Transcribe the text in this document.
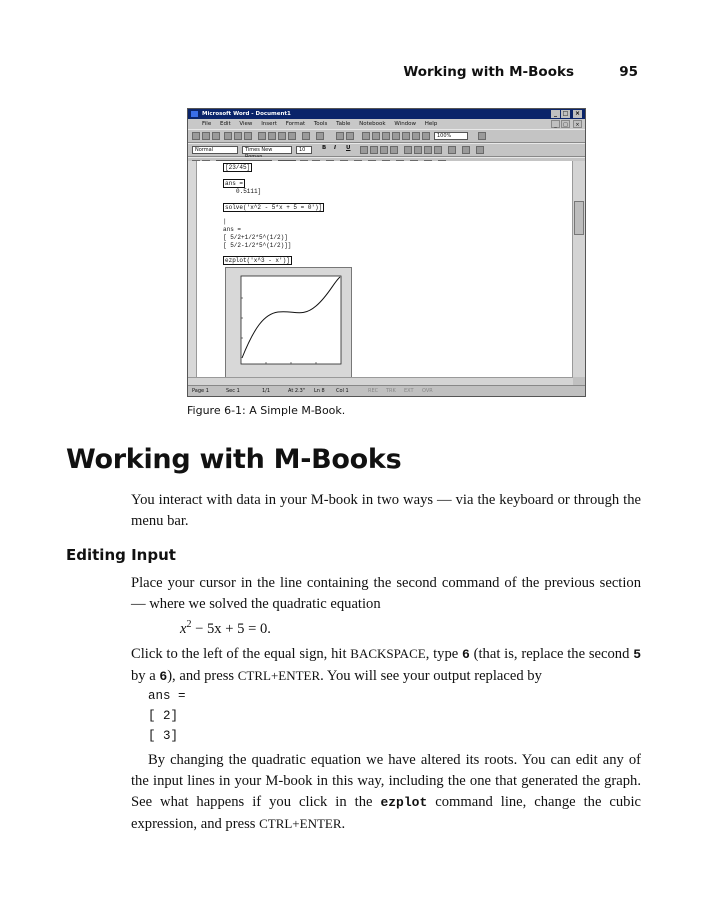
Working with M-Books	95
Microsoft Word - Document1	_ □	×
File Edit View Insert Format Tools Table Notebook Window Help	_	□	×
100%
Normal	Times New	10	B I U
[23/45]
ans =
0.5111]
solve('x^2 - 5*x + 5 = 0')]
|
ans =
[ 5/2+1/2*5^(1/2)]
[ 5/2-1/2*5^(1/2)]]
ezplot('x^3 - x')]
Page 1	Sec 1	1/1	At 2.3" Ln 8 Col 1	REC TRK EXT OVR
Figure 6-1: A Simple M-Book.
Working with M-Books

You interact with data in your M-book in two ways — via the keyboard or through the menu bar.

Editing Input

Place your cursor in the line containing the second command of the previous section — where we solved the quadratic equation

$x^2 - 5x + 5 = 0$.

Click to the left of the equal sign, hit BACKSPACE, type 6 (that is, replace the second 5 by a 6), and press CTRL+ENTER. You will see your output replaced by

ans =
[ 2]
[ 3]

By changing the quadratic equation we have altered its roots. You can edit any of the input lines in your M-book in this way, including the one that generated the graph. See what happens if you click in the ezplot command line, change the cubic expression, and press CTRL+ENTER.
